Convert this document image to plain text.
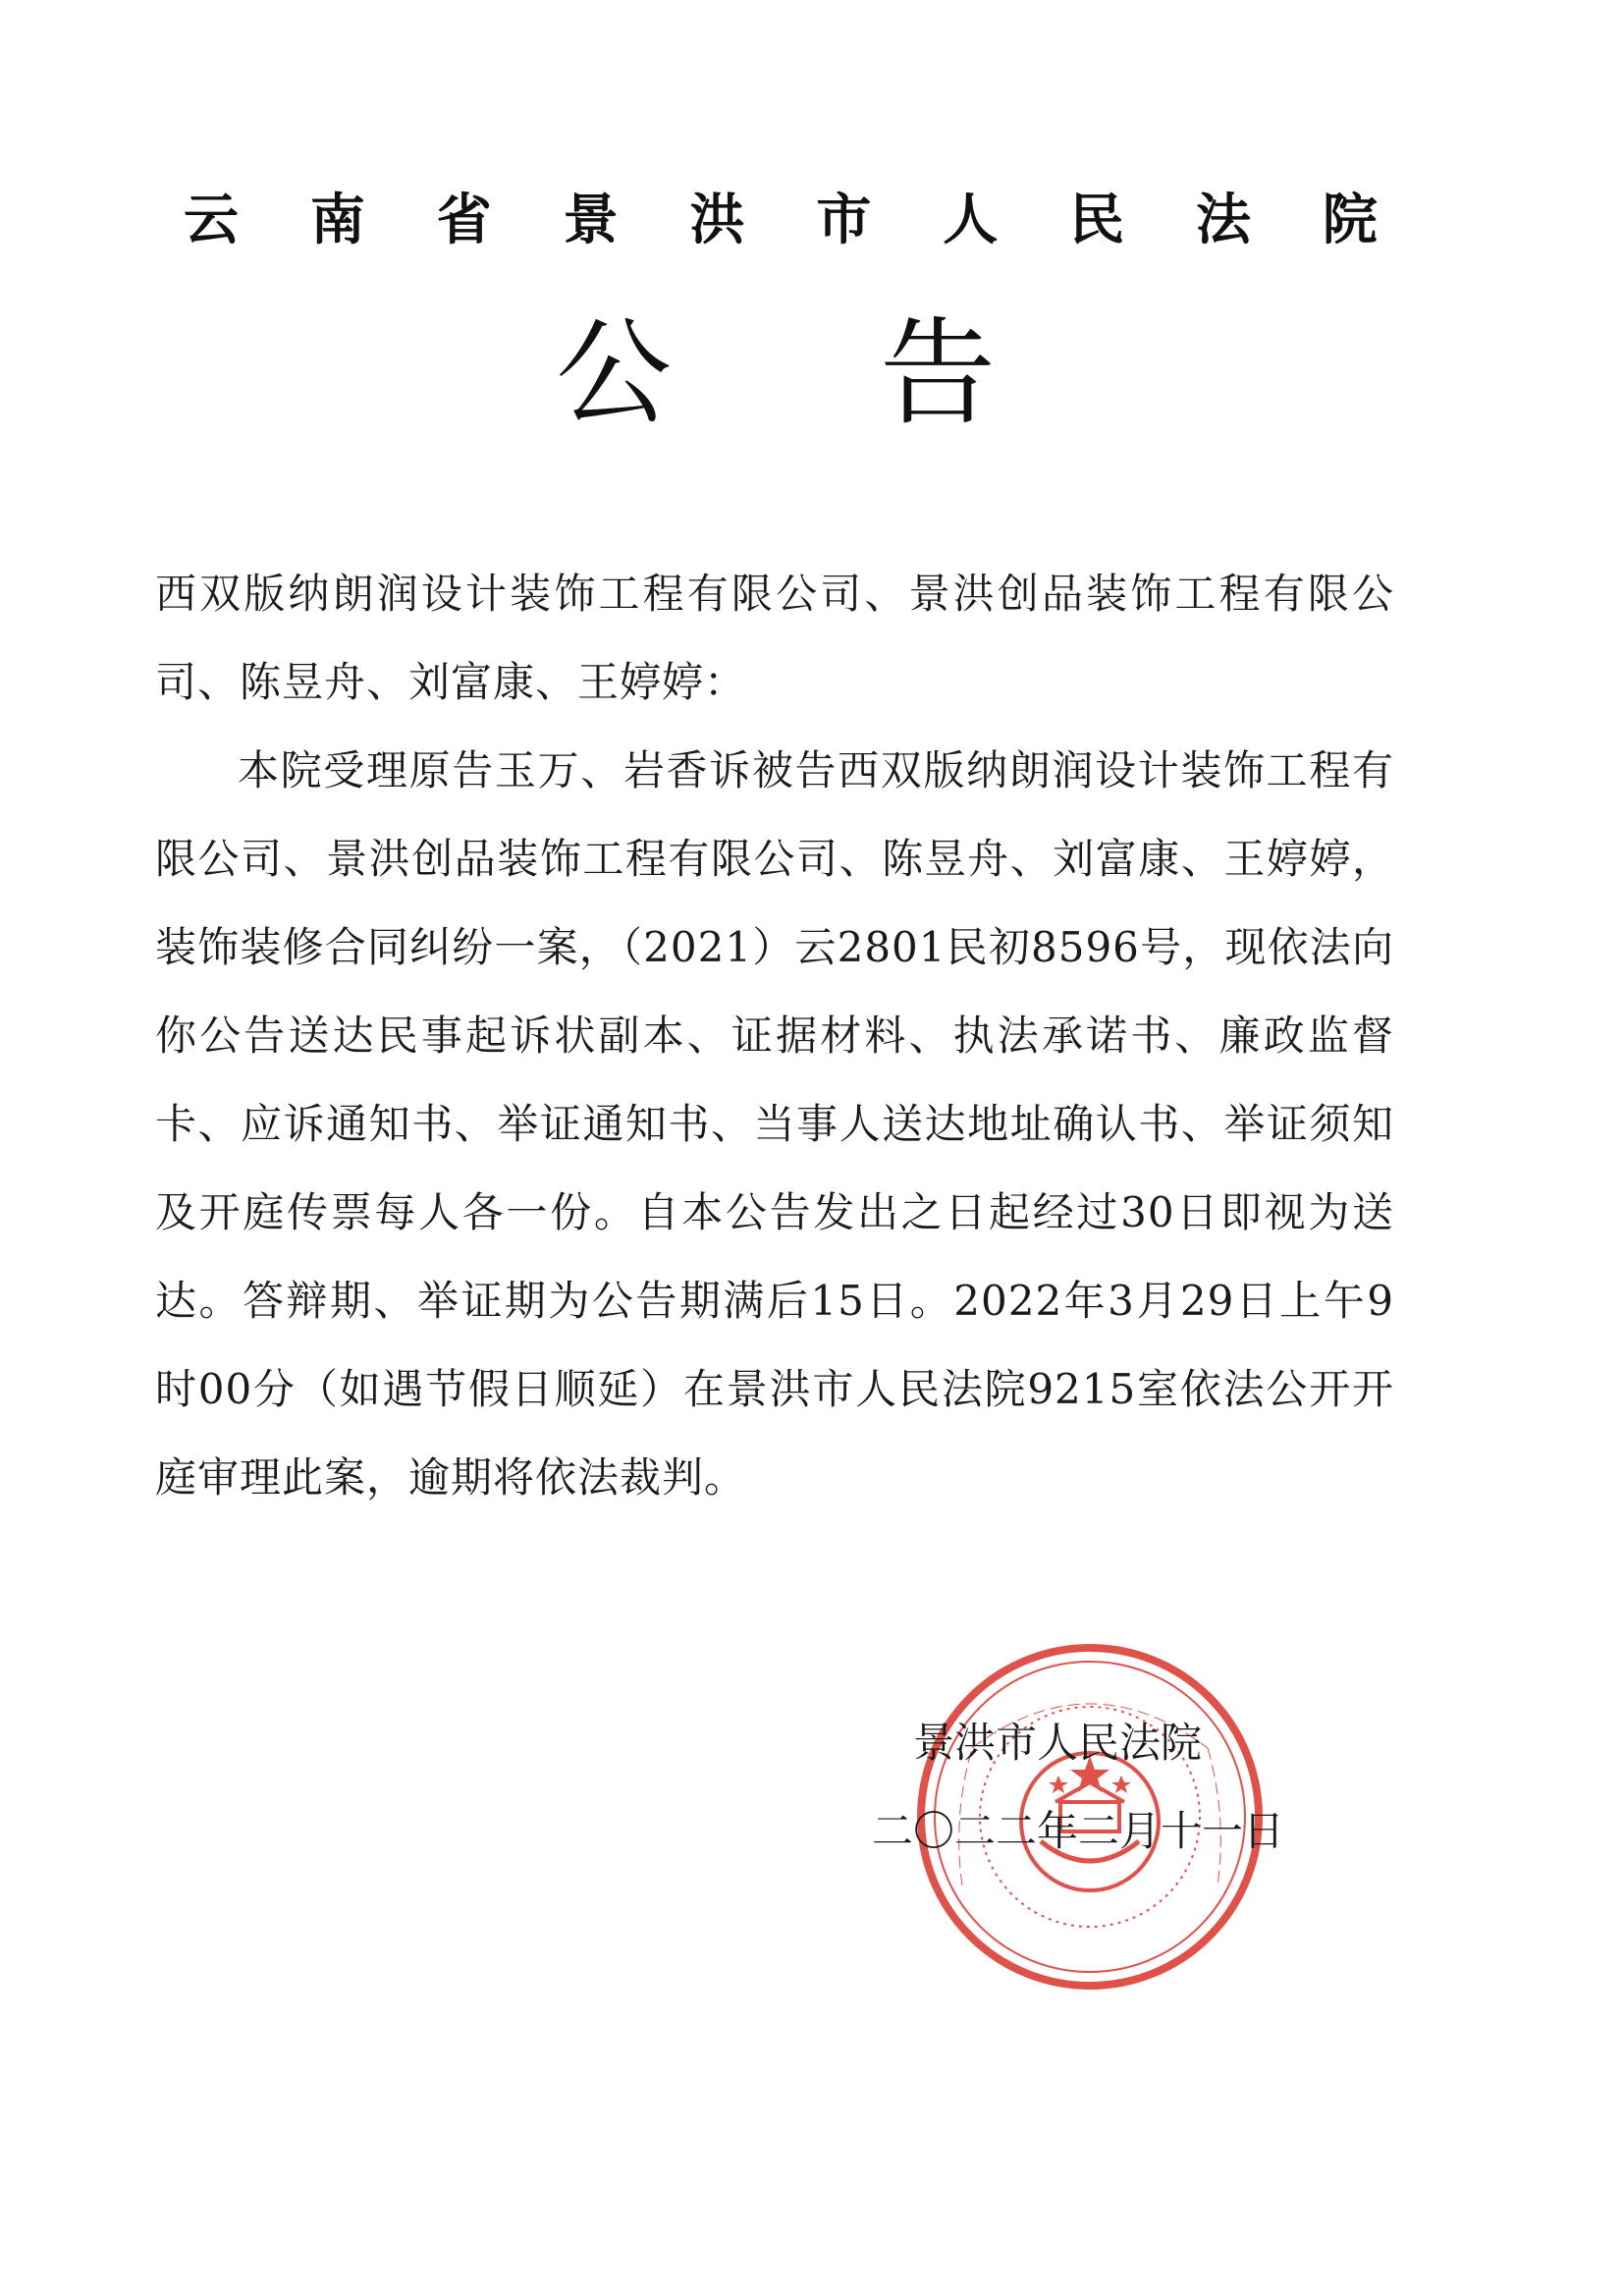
云 南 省 景 洪 市 人 民 法 院
公 告

西双版纳朗润设计装饰工程有限公司、景洪创品装饰工程有限公司、陈昱舟、刘富康、王婷婷：

本院受理原告玉万、岩香诉被告西双版纳朗润设计装饰工程有限公司、景洪创品装饰工程有限公司、陈昱舟、刘富康、王婷婷，装饰装修合同纠纷一案，（2021）云2801民初8596号，现依法向你公告送达民事起诉状副本、证据材料、执法承诺书、廉政监督卡、应诉通知书、举证通知书、当事人送达地址确认书、举证须知及开庭传票每人各一份。自本公告发出之日起经过30日即视为送达。答辩期、举证期为公告期满后15日。2022年3月29日上午9时00分（如遇节假日顺延）在景洪市人民法院9215室依法公开开庭审理此案，逾期将依法裁判。

景洪市人民法院
二〇二二年二月十一日
